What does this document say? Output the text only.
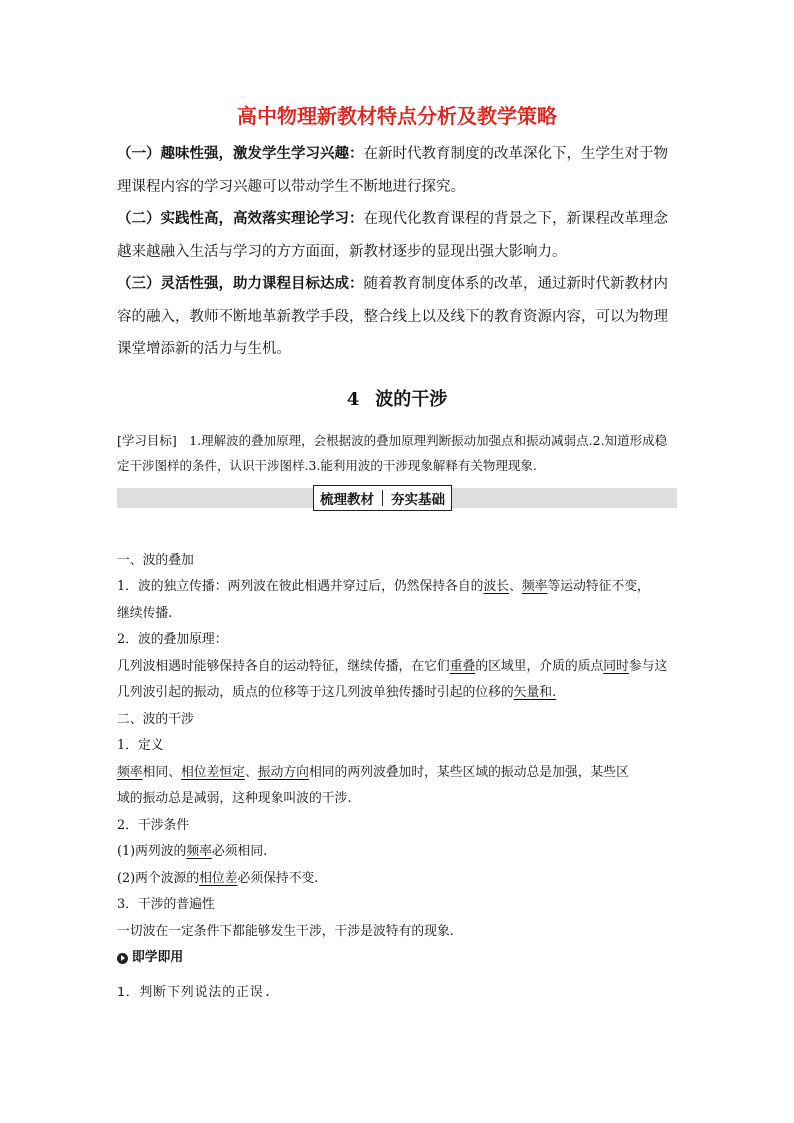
高中物理新教材特点分析及教学策略

（一）趣味性强，激发学生学习兴趣：在新时代教育制度的改革深化下，生学生对于物理课程内容的学习兴趣可以带动学生不断地进行探究。

（二）实践性高，高效落实理论学习：在现代化教育课程的背景之下，新课程改革理念越来越融入生活与学习的方方面面，新教材逐步的显现出强大影响力。

（三）灵活性强，助力课程目标达成：随着教育制度体系的改革，通过新时代新教材内容的融入，教师不断地革新教学手段，整合线上以及线下的教育资源内容，可以为物理课堂增添新的活力与生机。

4 波的干涉

[学习目标]　1.理解波的叠加原理，会根据波的叠加原理判断振动加强点和振动减弱点.2.知道形成稳定干涉图样的条件，认识干涉图样.3.能利用波的干涉现象解释有关物理现象.

梳理教材 夯实基础

一、波的叠加

1．波的独立传播：两列波在彼此相遇并穿过后，仍然保持各自的波长、频率等运动特征不变，

继续传播.

2．波的叠加原理：

几列波相遇时能够保持各自的运动特征，继续传播，在它们重叠的区域里，介质的质点同时参与这几列波引起的振动，质点的位移等于这几列波单独传播时引起的位移的矢量和.

二、波的干涉

1．定义

频率相同、相位差恒定、振动方向相同的两列波叠加时，某些区域的振动总是加强，某些区

域的振动总是减弱，这种现象叫波的干涉.

2．干涉条件

(1)两列波的频率必须相同.

(2)两个波源的相位差必须保持不变.

3．干涉的普遍性

一切波在一定条件下都能够发生干涉，干涉是波特有的现象.

即学即用

1．判断下列说法的正误.
